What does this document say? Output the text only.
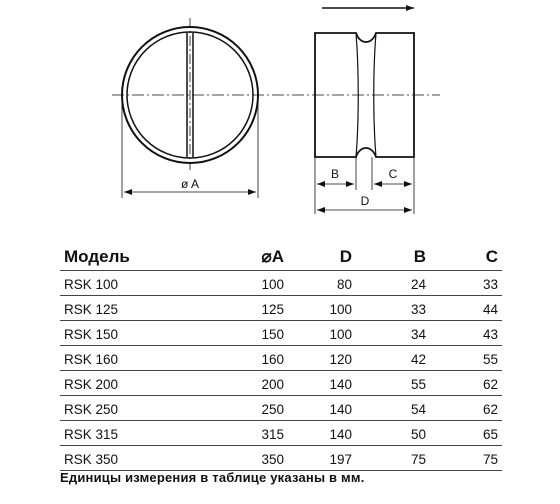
ø A
B	C
D
Модель	⌀A	D	B	C
RSK 100	100	80	24	33
RSK 125	125	100	33	44
RSK 150	150	100	34	43
RSK 160	160	120	42	55
RSK 200	200	140	55	62
RSK 250	250	140	54	62
RSK 315	315	140	50	65
RSK 350	350	197	75	75
Единицы измерения в таблице указаны в мм.
